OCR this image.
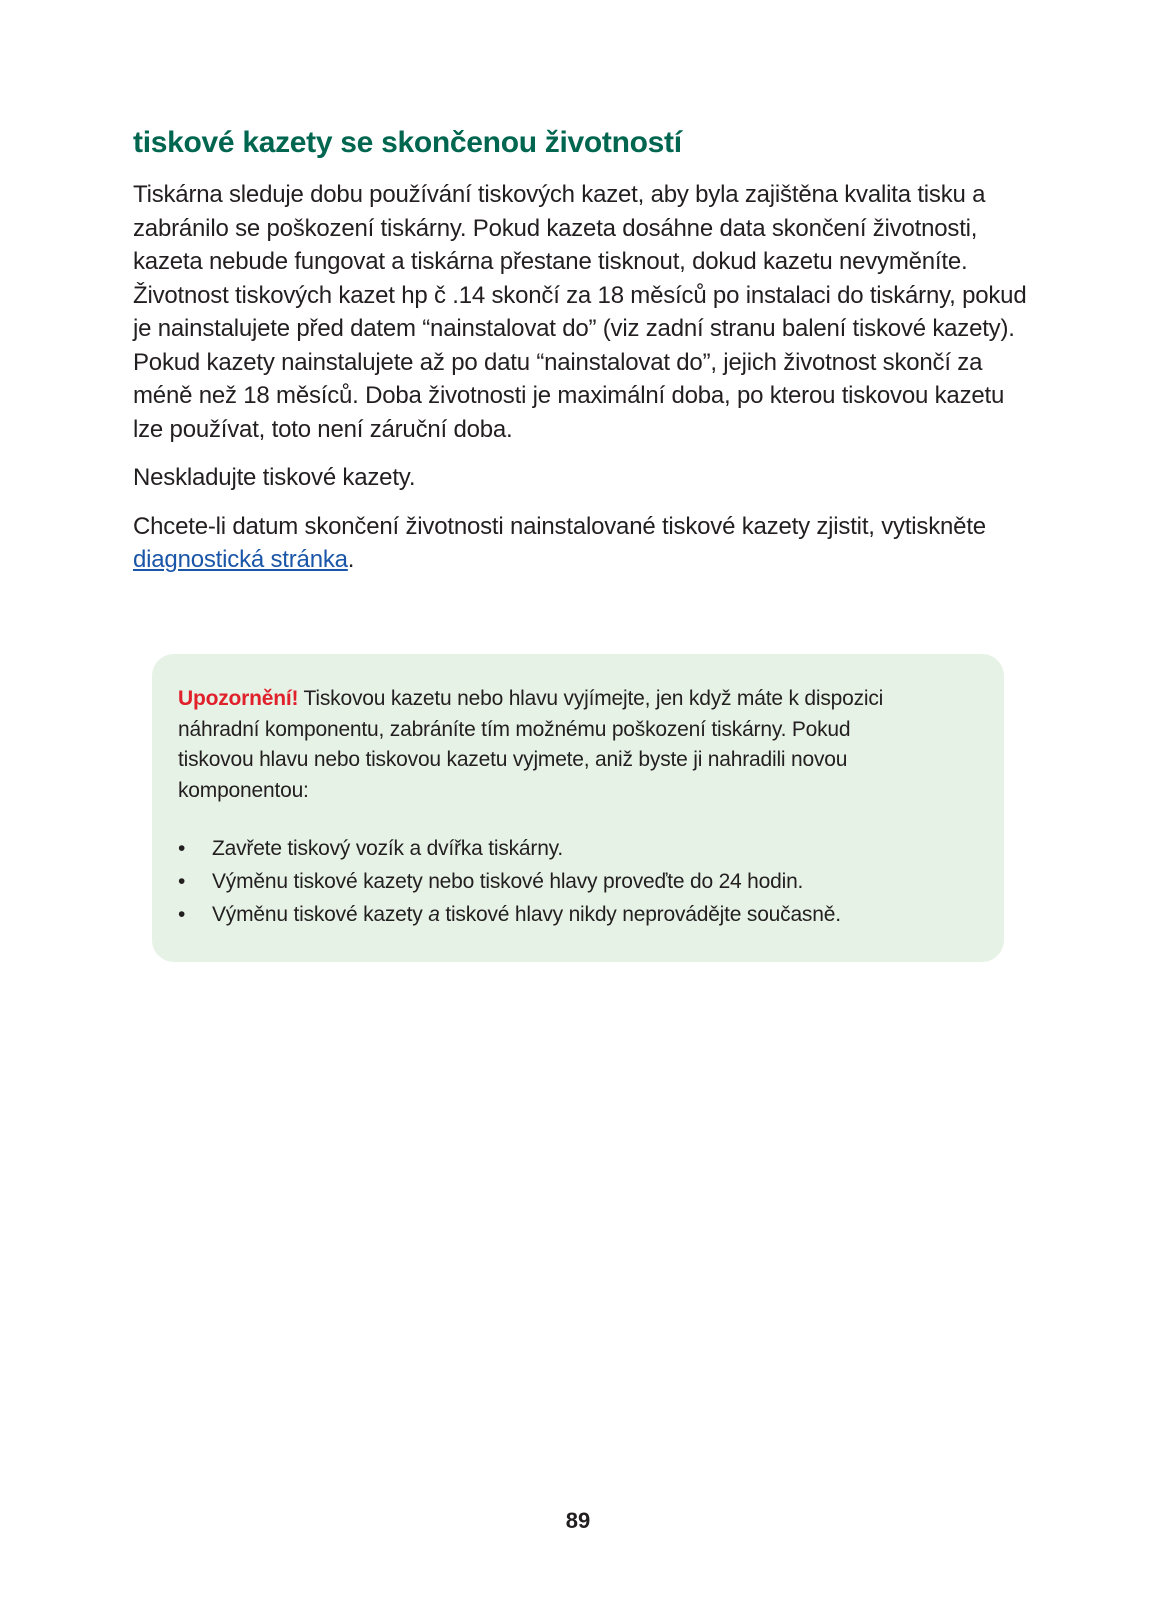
tiskové kazety se skončenou životností

Tiskárna sleduje dobu používání tiskových kazet, aby byla zajištěna kvalita tisku a zabránilo se poškození tiskárny. Pokud kazeta dosáhne data skončení životnosti, kazeta nebude fungovat a tiskárna přestane tisknout, dokud kazetu nevyměníte. Životnost tiskových kazet hp č .14 skončí za 18 měsíců po instalaci do tiskárny, pokud je nainstalujete před datem “nainstalovat do” (viz zadní stranu balení tiskové kazety). Pokud kazety nainstalujete až po datu “nainstalovat do”, jejich životnost skončí za méně než 18 měsíců. Doba životnosti je maximální doba, po kterou tiskovou kazetu lze používat, toto není záruční doba.

Neskladujte tiskové kazety.

Chcete-li datum skončení životnosti nainstalované tiskové kazety zjistit, vytiskněte diagnostická stránka.

Upozornění! Tiskovou kazetu nebo hlavu vyjímejte, jen když máte k dispozici náhradní komponentu, zabráníte tím možnému poškození tiskárny. Pokud tiskovou hlavu nebo tiskovou kazetu vyjmete, aniž byste ji nahradili novou komponentou:

• Zavřete tiskový vozík a dvířka tiskárny.
• Výměnu tiskové kazety nebo tiskové hlavy proveďte do 24 hodin.
• Výměnu tiskové kazety a tiskové hlavy nikdy neprovádějte současně.
89
